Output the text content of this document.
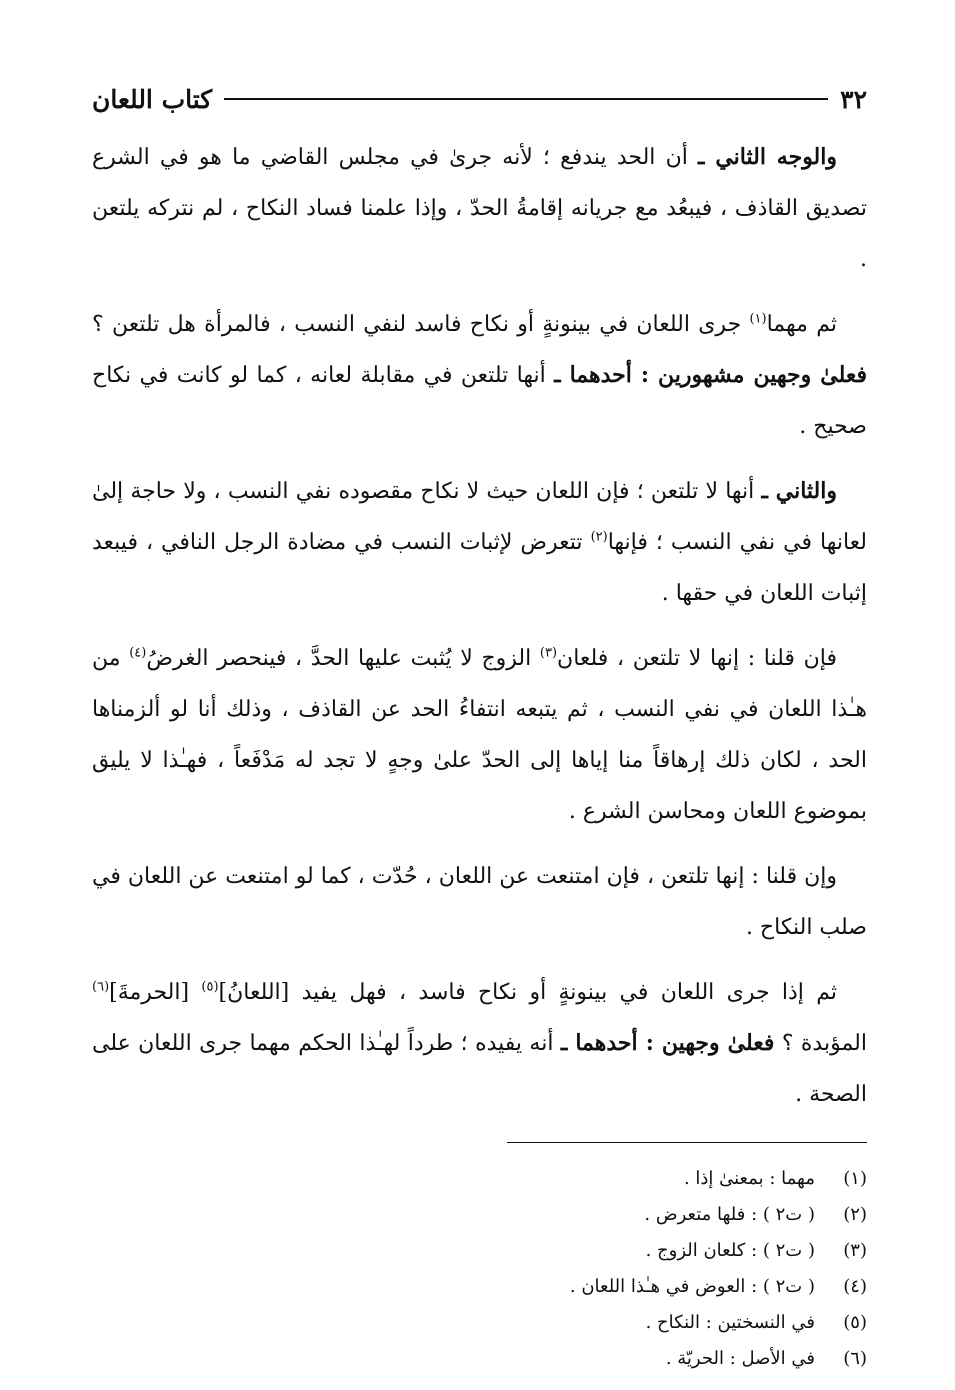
٣٢
كتاب اللعان

والوجه الثاني ـ أن الحد يندفع ؛ لأنه جرىٰ في مجلس القاضي ما هو في الشرع تصديق القاذف ، فيبعُد مع جريانه إقامةُ الحدّ ، وإذا علمنا فساد النكاح ، لم نتركه يلتعن .

ثم مهما$^{(١)}$ جرى اللعان في بينونةٍ أو نكاح فاسد لنفي النسب ، فالمرأة هل تلتعن ؟ فعلىٰ وجهين مشهورين : أحدهما ـ أنها تلتعن في مقابلة لعانه ، كما لو كانت في نكاح صحيح .

والثاني ـ أنها لا تلتعن ؛ فإن اللعان حيث لا نكاح مقصوده نفي النسب ، ولا حاجة إلىٰ لعانها في نفي النسب ؛ فإنها$^{(٢)}$ تتعرض لإثبات النسب في مضادة الرجل النافي ، فيبعد إثبات اللعان في حقها .

فإن قلنا : إنها لا تلتعن ، فلعان$^{(٣)}$ الزوج لا يُثبت عليها الحدَّ ، فينحصر الغرضُ$^{(٤)}$ من هـٰذا اللعان في نفي النسب ، ثم يتبعه انتفاءُ الحد عن القاذف ، وذلك أنا لو ألزمناها الحد ، لكان ذلك إرهاقاً منا إياها إلى الحدّ علىٰ وجهٍ لا تجد له مَدْفَعاً ، فهـٰذا لا يليق بموضوع اللعان ومحاسن الشرع .

وإن قلنا : إنها تلتعن ، فإن امتنعت عن اللعان ، حُدّت ، كما لو امتنعت عن اللعان في صلب النكاح .

ثم إذا جرى اللعان في بينونةٍ أو نكاح فاسد ، فهل يفيد [اللعانُ]$^{(٥)}$ [الحرمةَ]$^{(٦)}$ المؤبدة ؟ فعلىٰ وجهين : أحدهما ـ أنه يفيده ؛ طرداً لهـٰذا الحكم مهما جرى اللعان على الصحة .

(١)
مهما : بمعنىٰ إذا .
(٢)
( ت٢ ) : فلها متعرض .
(٣)
( ت٢ ) : كلعان الزوج .
(٤)
( ت٢ ) : العوض في هـٰذا اللعان .
(٥)
في النسختين : النكاح .
(٦)
في الأصل : الحريّة .
